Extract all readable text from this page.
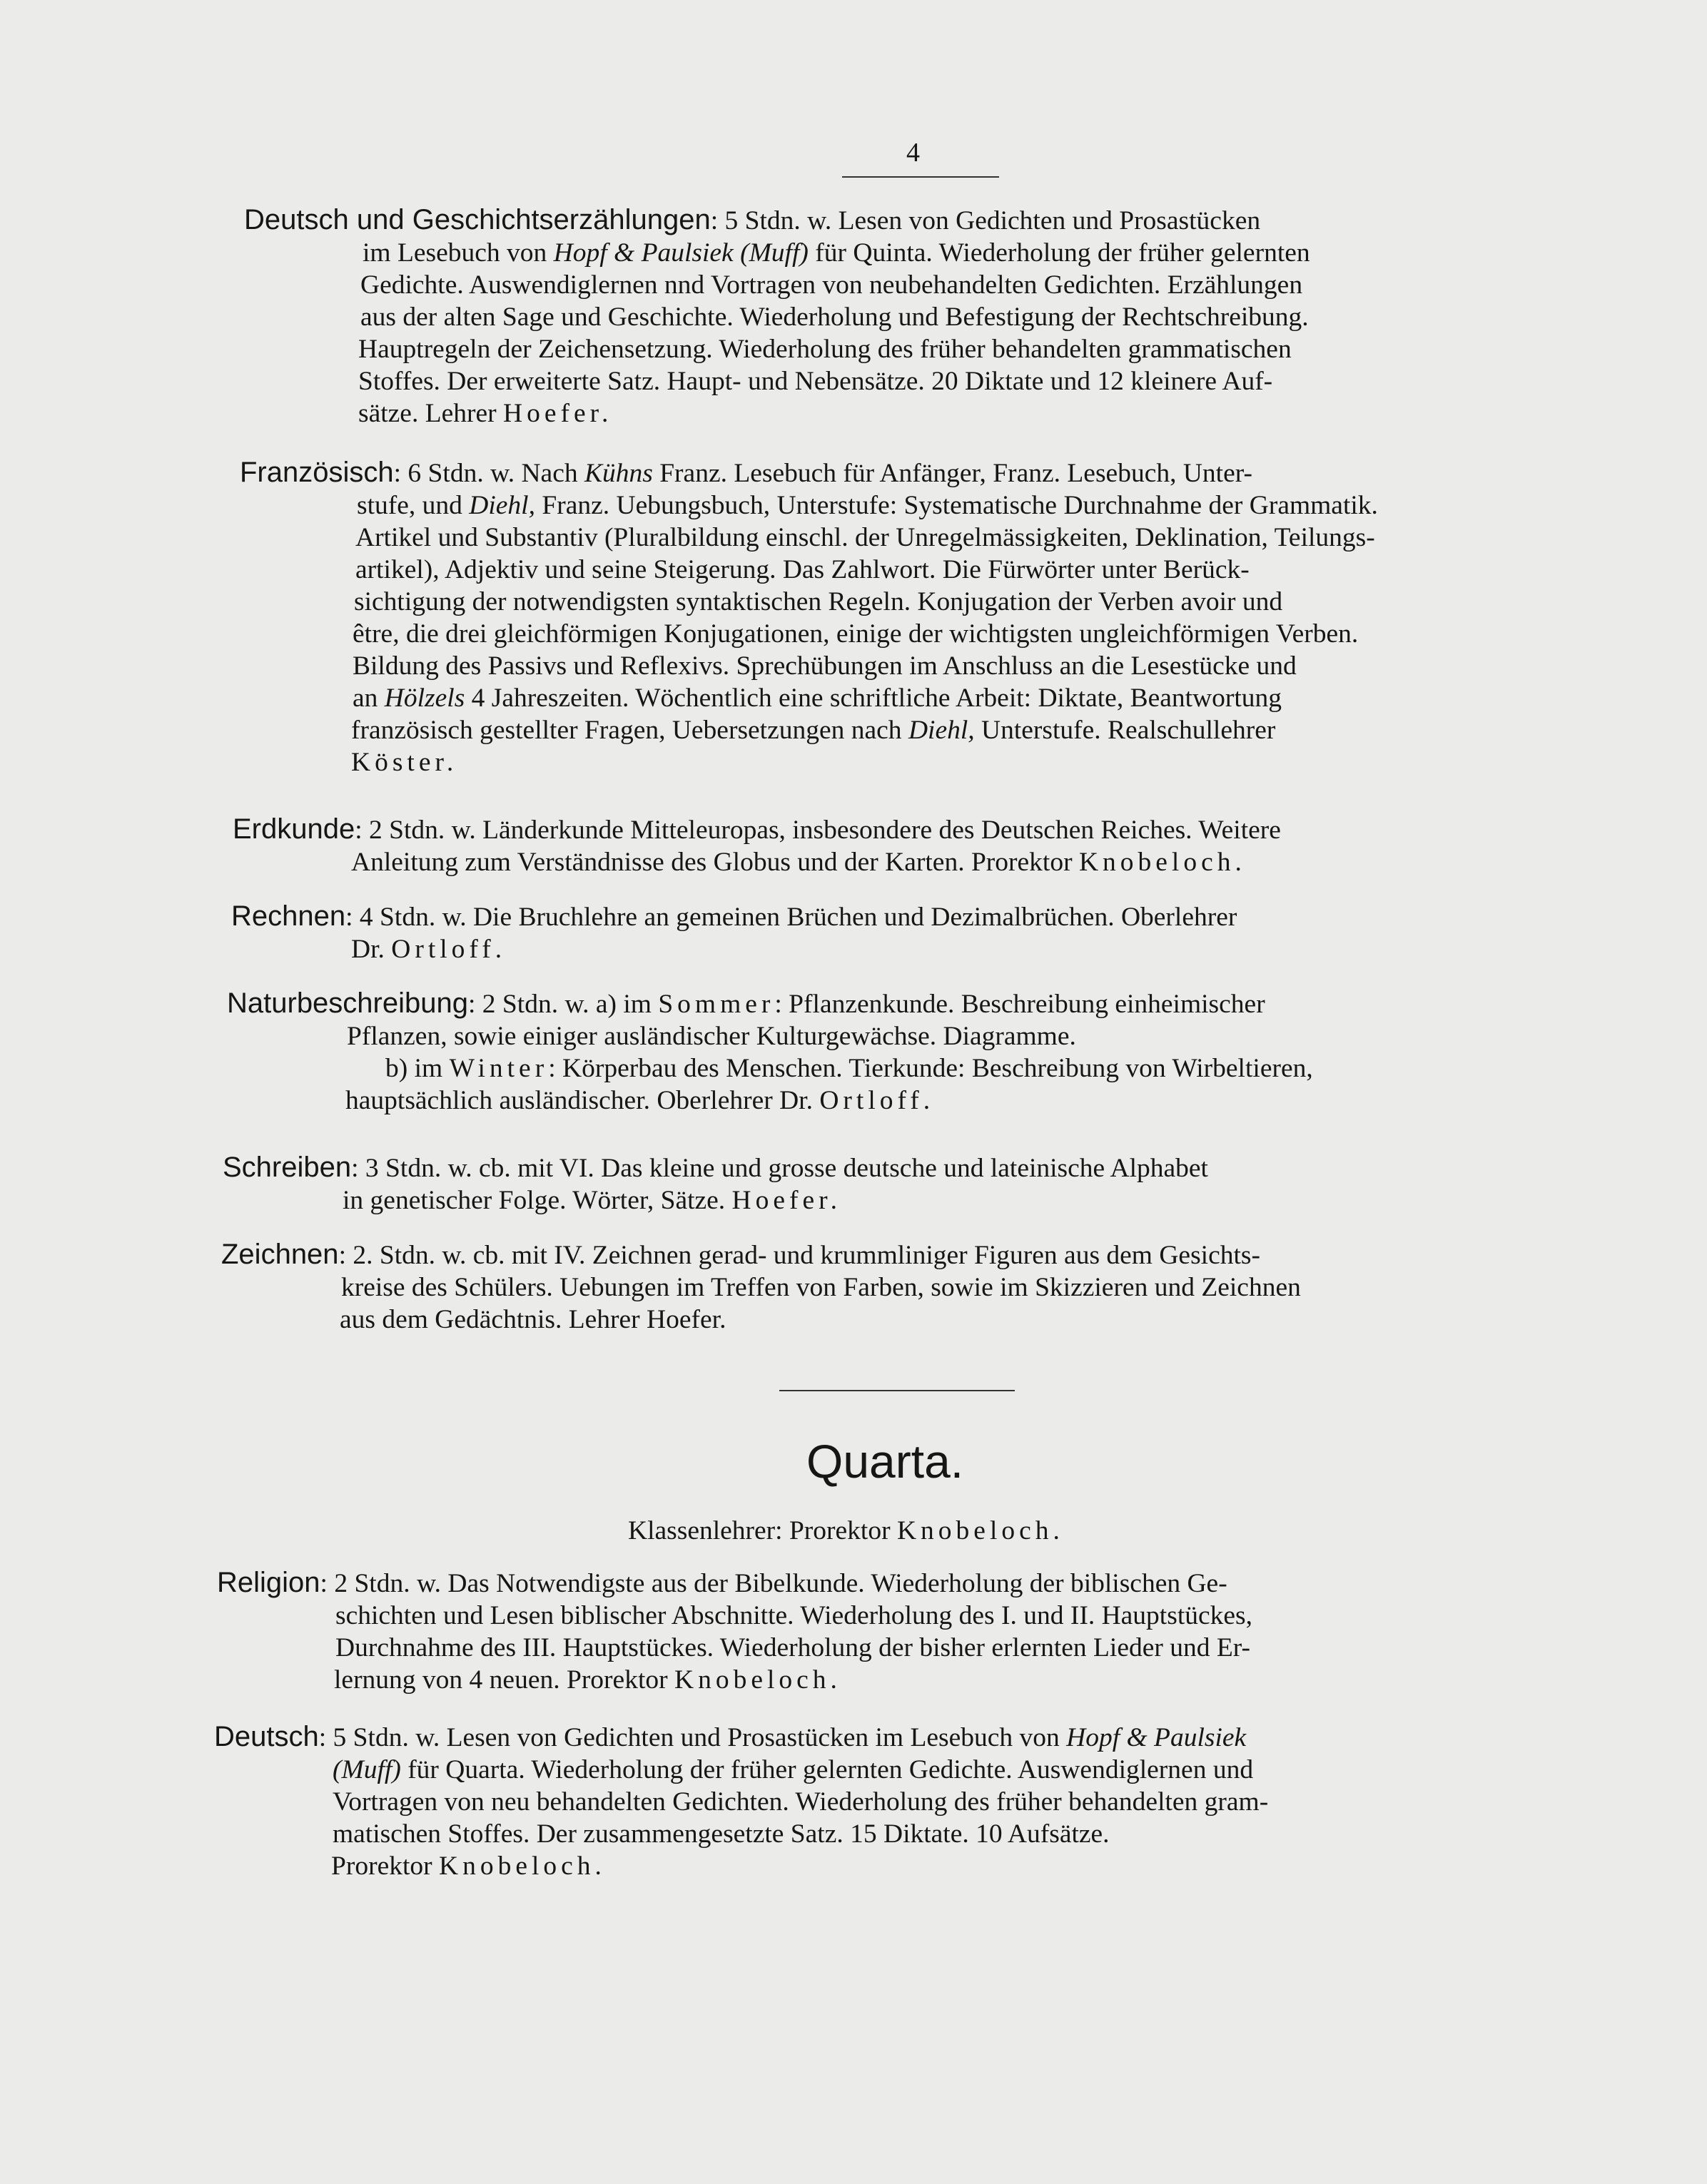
4
Deutsch und Geschichtserzählungen: 5 Stdn. w. Lesen von Gedichten und Prosastücken
im Lesebuch von Hopf & Paulsiek (Muff) für Quinta. Wiederholung der früher gelernten
Gedichte. Auswendiglernen nnd Vortragen von neubehandelten Gedichten. Erzählungen
aus der alten Sage und Geschichte. Wiederholung und Befestigung der Rechtschreibung.
Hauptregeln der Zeichensetzung. Wiederholung des früher behandelten grammatischen
Stoffes. Der erweiterte Satz. Haupt- und Nebensätze. 20 Diktate und 12 kleinere Auf-
sätze. Lehrer Hoefer.
Französisch: 6 Stdn. w. Nach Kühns Franz. Lesebuch für Anfänger, Franz. Lesebuch, Unter-
stufe, und Diehl, Franz. Uebungsbuch, Unterstufe: Systematische Durchnahme der Grammatik.
Artikel und Substantiv (Pluralbildung einschl. der Unregelmässigkeiten, Deklination, Teilungs-
artikel), Adjektiv und seine Steigerung. Das Zahlwort. Die Fürwörter unter Berück-
sichtigung der notwendigsten syntaktischen Regeln. Konjugation der Verben avoir und
être, die drei gleichförmigen Konjugationen, einige der wichtigsten ungleichförmigen Verben.
Bildung des Passivs und Reflexivs. Sprechübungen im Anschluss an die Lesestücke und
an Hölzels 4 Jahreszeiten. Wöchentlich eine schriftliche Arbeit: Diktate, Beantwortung
französisch gestellter Fragen, Uebersetzungen nach Diehl, Unterstufe. Realschullehrer
Köster.
Erdkunde: 2 Stdn. w. Länderkunde Mitteleuropas, insbesondere des Deutschen Reiches. Weitere
Anleitung zum Verständnisse des Globus und der Karten. Prorektor Knobeloch.
Rechnen: 4 Stdn. w. Die Bruchlehre an gemeinen Brüchen und Dezimalbrüchen. Oberlehrer
Dr. Ortloff.
Naturbeschreibung: 2 Stdn. w. a) im Sommer: Pflanzenkunde. Beschreibung einheimischer
Pflanzen, sowie einiger ausländischer Kulturgewächse. Diagramme.
b) im Winter: Körperbau des Menschen. Tierkunde: Beschreibung von Wirbeltieren,
hauptsächlich ausländischer. Oberlehrer Dr. Ortloff.
Schreiben: 3 Stdn. w. cb. mit VI. Das kleine und grosse deutsche und lateinische Alphabet
in genetischer Folge. Wörter, Sätze. Hoefer.
Zeichnen: 2. Stdn. w. cb. mit IV. Zeichnen gerad- und krummliniger Figuren aus dem Gesichts-
kreise des Schülers. Uebungen im Treffen von Farben, sowie im Skizzieren und Zeichnen
aus dem Gedächtnis. Lehrer Hoefer.
Quarta.
Klassenlehrer: Prorektor Knobeloch.
Religion: 2 Stdn. w. Das Notwendigste aus der Bibelkunde. Wiederholung der biblischen Ge-
schichten und Lesen biblischer Abschnitte. Wiederholung des I. und II. Hauptstückes,
Durchnahme des III. Hauptstückes. Wiederholung der bisher erlernten Lieder und Er-
lernung von 4 neuen. Prorektor Knobeloch.
Deutsch: 5 Stdn. w. Lesen von Gedichten und Prosastücken im Lesebuch von Hopf & Paulsiek
(Muff) für Quarta. Wiederholung der früher gelernten Gedichte. Auswendiglernen und
Vortragen von neu behandelten Gedichten. Wiederholung des früher behandelten gram-
matischen Stoffes. Der zusammengesetzte Satz. 15 Diktate. 10 Aufsätze.
Prorektor Knobeloch.
